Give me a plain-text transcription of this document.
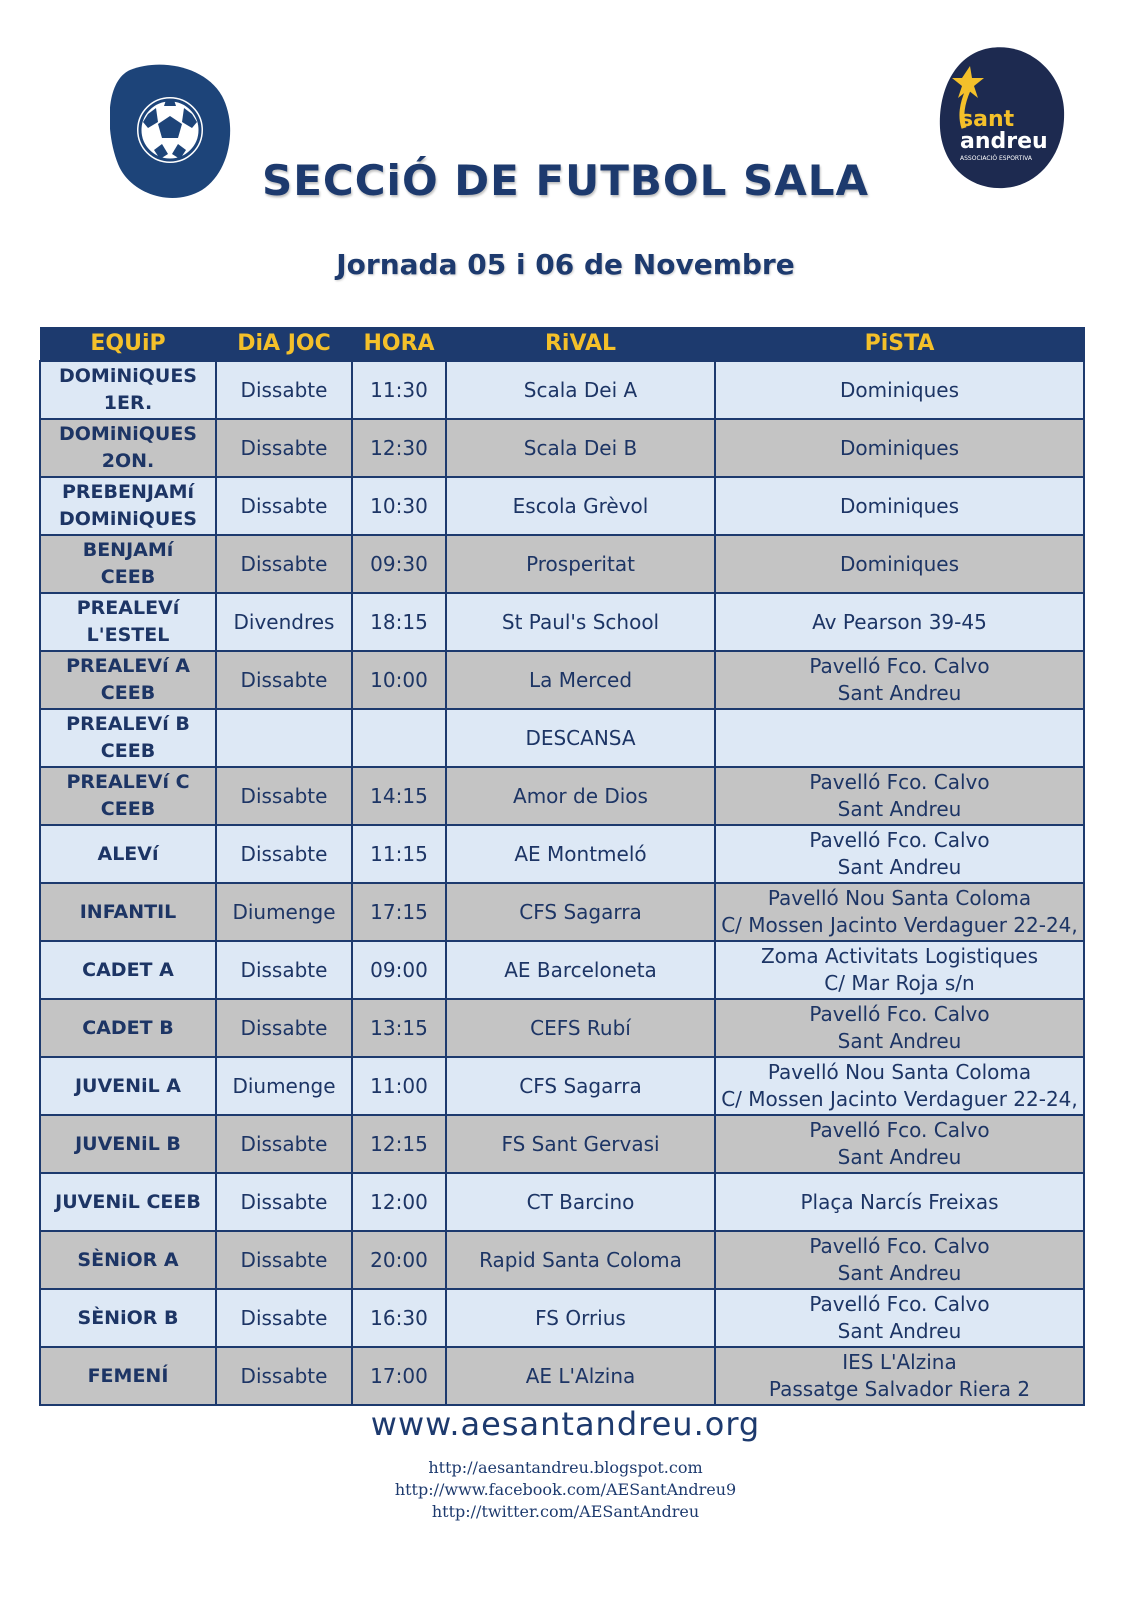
sant
andreu
ASSOCIACIÓ ESPORTIVA
SECCiÓ DE FUTBOL SALA
Jornada 05 i 06 de Novembre
EQUiP	DiA JOC	HORA	RiVAL	PiSTA

DOMiNiQUES 1ER.	Dissabte	11:30	Scala Dei A	Dominiques

DOMiNiQUES 2ON.	Dissabte	12:30	Scala Dei B	Dominiques

PREBENJAMí
DOMiNiQUES	Dissabte	10:30	Escola Grèvol	Dominiques

BENJAMí
CEEB	Dissabte	09:30	Prosperitat	Dominiques

PREALEVí
L'ESTEL	Divendres	18:15	St Paul's School	Av Pearson 39-45

PREALEVí A
CEEB	Dissabte	10:00	La Merced	Pavelló Fco. Calvo
Sant Andreu

PREALEVí B
CEEB			DESCANSA	

PREALEVí C
CEEB	Dissabte	14:15	Amor de Dios	Pavelló Fco. Calvo
Sant Andreu

ALEVí	Dissabte	11:15	AE Montmeló	Pavelló Fco. Calvo
Sant Andreu

INFANTIL	Diumenge	17:15	CFS Sagarra	Pavelló Nou Santa Coloma
C/ Mossen Jacinto Verdaguer 22-24,

CADET A	Dissabte	09:00	AE Barceloneta	Zoma Activitats Logistiques
C/ Mar Roja s/n

CADET B	Dissabte	13:15	CEFS Rubí	Pavelló Fco. Calvo
Sant Andreu

JUVENiL A	Diumenge	11:00	CFS Sagarra	Pavelló Nou Santa Coloma
C/ Mossen Jacinto Verdaguer 22-24,

JUVENiL B	Dissabte	12:15	FS Sant Gervasi	Pavelló Fco. Calvo
Sant Andreu

JUVENiL CEEB	Dissabte	12:00	CT Barcino	Plaça Narcís Freixas

SÈNiOR A	Dissabte	20:00	Rapid Santa Coloma	Pavelló Fco. Calvo
Sant Andreu

SÈNiOR B	Dissabte	16:30	FS Orrius	Pavelló Fco. Calvo
Sant Andreu

FEMENÍ	Dissabte	17:00	AE L'Alzina	IES L'Alzina
Passatge Salvador Riera 2
www.aesantandreu.org
http://aesantandreu.blogspot.com
http://www.facebook.com/AESantAndreu9
http://twitter.com/AESantAndreu
